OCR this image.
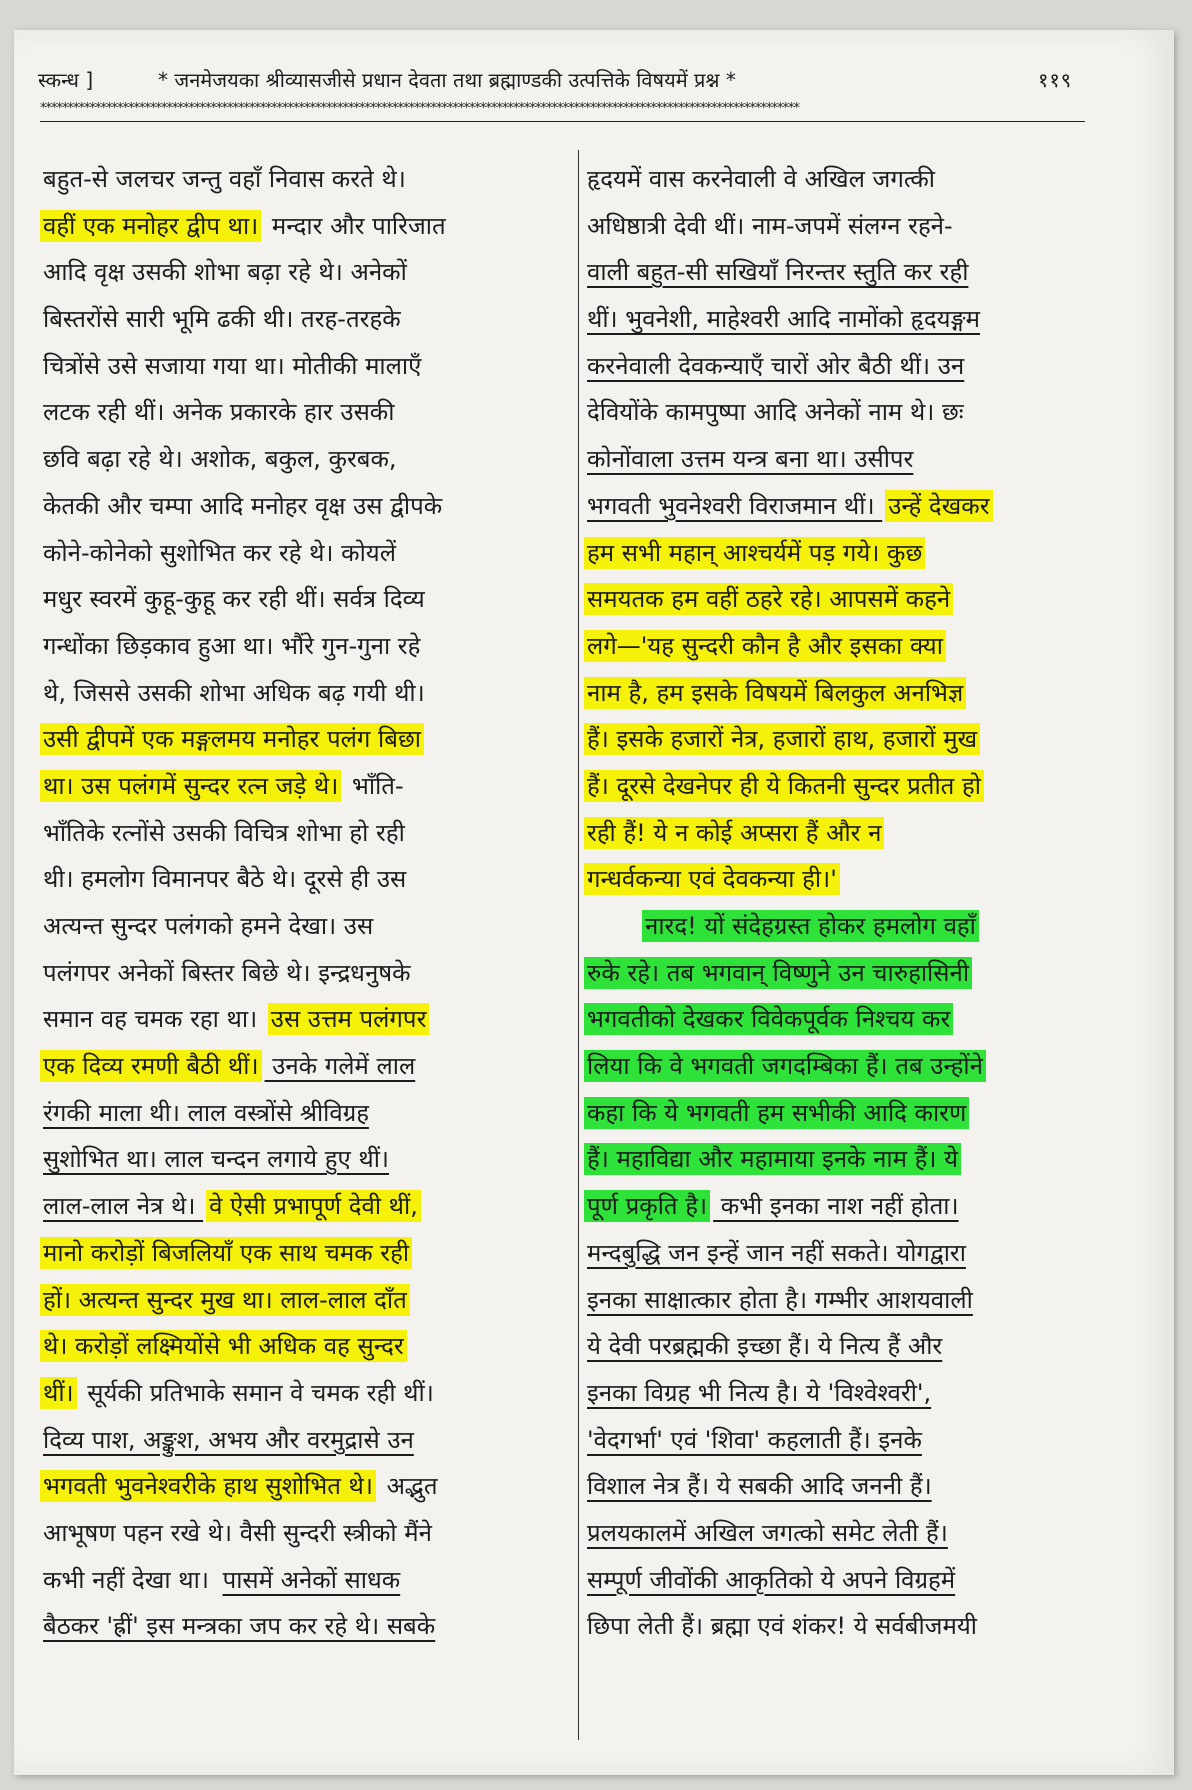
स्कन्ध ]	* जनमेजयका श्रीव्यासजीसे प्रधान देवता तथा ब्रह्माण्डकी उत्पत्तिके विषयमें प्रश्न *	११९
******************************************************************************************************************************************
बहुत-से जलचर जन्तु वहाँ निवास करते थे।
वहीं एक मनोहर द्वीप था। मन्दार और पारिजात
आदि वृक्ष उसकी शोभा बढ़ा रहे थे। अनेकों
बिस्तरोंसे सारी भूमि ढकी थी। तरह-तरहके
चित्रोंसे उसे सजाया गया था। मोतीकी मालाएँ
लटक रही थीं। अनेक प्रकारके हार उसकी
छवि बढ़ा रहे थे। अशोक, बकुल, कुरबक,
केतकी और चम्पा आदि मनोहर वृक्ष उस द्वीपके
कोने-कोनेको सुशोभित कर रहे थे। कोयलें
मधुर स्वरमें कुहू-कुहू कर रही थीं। सर्वत्र दिव्य
गन्धोंका छिड़काव हुआ था। भौंरे गुन-गुना रहे
थे, जिससे उसकी शोभा अधिक बढ़ गयी थी।
उसी द्वीपमें एक मङ्गलमय मनोहर पलंग बिछा
था। उस पलंगमें सुन्दर रत्न जड़े थे। भाँति-
भाँतिके रत्नोंसे उसकी विचित्र शोभा हो रही
थी। हमलोग विमानपर बैठे थे। दूरसे ही उस
अत्यन्त सुन्दर पलंगको हमने देखा। उस
पलंगपर अनेकों बिस्तर बिछे थे। इन्द्रधनुषके
समान वह चमक रहा था। उस उत्तम पलंगपर
एक दिव्य रमणी बैठी थीं। उनके गलेमें लाल
रंगकी माला थी। लाल वस्त्रोंसे श्रीविग्रह
सुशोभित था। लाल चन्दन लगाये हुए थीं।
लाल-लाल नेत्र थे। वे ऐसी प्रभापूर्ण देवी थीं,
मानो करोड़ों बिजलियाँ एक साथ चमक रही
हों। अत्यन्त सुन्दर मुख था। लाल-लाल दाँत
थे। करोड़ों लक्ष्मियोंसे भी अधिक वह सुन्दर
थीं। सूर्यकी प्रतिभाके समान वे चमक रही थीं।
दिव्य पाश, अङ्कुश, अभय और वरमुद्रासे उन
भगवती भुवनेश्वरीके हाथ सुशोभित थे। अद्भुत
आभूषण पहन रखे थे। वैसी सुन्दरी स्त्रीको मैंने
कभी नहीं देखा था। पासमें अनेकों साधक
बैठकर 'ह्रीं' इस मन्त्रका जप कर रहे थे। सबके
हृदयमें वास करनेवाली वे अखिल जगत्की
अधिष्ठात्री देवी थीं। नाम-जपमें संलग्न रहने-
वाली बहुत-सी सखियाँ निरन्तर स्तुति कर रही
थीं। भुवनेशी, माहेश्वरी आदि नामोंको हृदयङ्गम
करनेवाली देवकन्याएँ चारों ओर बैठी थीं। उन
देवियोंके कामपुष्पा आदि अनेकों नाम थे। छः
कोनोंवाला उत्तम यन्त्र बना था। उसीपर
भगवती भुवनेश्वरी विराजमान थीं। उन्हें देखकर
हम सभी महान् आश्चर्यमें पड़ गये। कुछ
समयतक हम वहीं ठहरे रहे। आपसमें कहने
लगे—'यह सुन्दरी कौन है और इसका क्या
नाम है, हम इसके विषयमें बिलकुल अनभिज्ञ
हैं। इसके हजारों नेत्र, हजारों हाथ, हजारों मुख
हैं। दूरसे देखनेपर ही ये कितनी सुन्दर प्रतीत हो
रही हैं! ये न कोई अप्सरा हैं और न
गन्धर्वकन्या एवं देवकन्या ही।'
नारद! यों संदेहग्रस्त होकर हमलोग वहाँ
रुके रहे। तब भगवान् विष्णुने उन चारुहासिनी
भगवतीको देखकर विवेकपूर्वक निश्चय कर
लिया कि वे भगवती जगदम्बिका हैं। तब उन्होंने
कहा कि ये भगवती हम सभीकी आदि कारण
हैं। महाविद्या और महामाया इनके नाम हैं। ये
पूर्ण प्रकृति है। कभी इनका नाश नहीं होता।
मन्दबुद्धि जन इन्हें जान नहीं सकते। योगद्वारा
इनका साक्षात्कार होता है। गम्भीर आशयवाली
ये देवी परब्रह्मकी इच्छा हैं। ये नित्य हैं और
इनका विग्रह भी नित्य है। ये 'विश्वेश्वरी',
'वेदगर्भा' एवं 'शिवा' कहलाती हैं। इनके
विशाल नेत्र हैं। ये सबकी आदि जननी हैं।
प्रलयकालमें अखिल जगत्को समेट लेती हैं।
सम्पूर्ण जीवोंकी आकृतिको ये अपने विग्रहमें
छिपा लेती हैं। ब्रह्मा एवं शंकर! ये सर्वबीजमयी
